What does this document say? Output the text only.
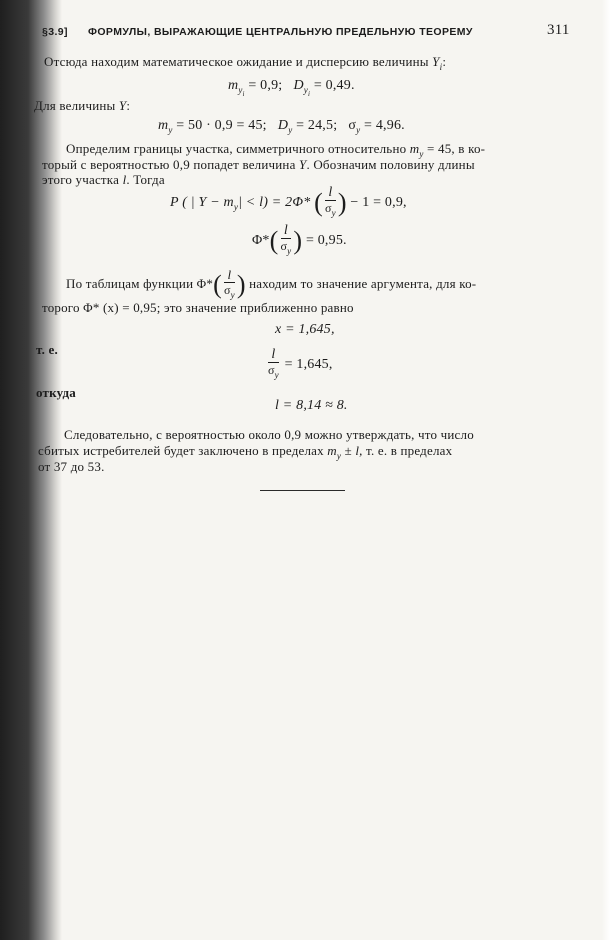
§3.9] ФОРМУЛЫ, ВЫРАЖАЮЩИЕ ЦЕНТРАЛЬНУЮ ПРЕДЕЛЬНУЮ ТЕОРЕМУ	311
Отсюда находим математическое ожидание и дисперсию величины $Y_i$:
$m_{yi} = 0,9$; $D_{yi} = 0,49$.
Для величины Y:
$m_y = 50 \cdot 0,9 = 45$; $D_y = 24,5$; $\sigma_y = 4,96$.
Определим границы участка, симметричного относительно $m_y = 45$, в ко-
торый с вероятностью 0,9 попадет величина Y. Обозначим половину длины
этого участка l. Тогда
P ( | $Y - m_y| < l) = 2\Phi*$ ( $\frac{l}{\sigma_y}$ ) − 1 = 0,9,
$\Phi*( \frac{l}{\sigma_y}$ ) = 0,95.
По таблицам функции $\Phi*( \frac{l}{\sigma_y}$ ) находим то значение аргумента, для ко-
торого Φ* (x) = 0,95; это значение приближенно равно
x = 1,645,
т. е.	$\frac{l}{\sigma_y} = 1,645$,
откуда
l = 8,14 ≈ 8.
Следовательно, с вероятностью около 0,9 можно утверждать, что число
сбитых истребителей будет заключено в пределах $m_y \pm l$, т. е. в пределах
от 37 до 53.
